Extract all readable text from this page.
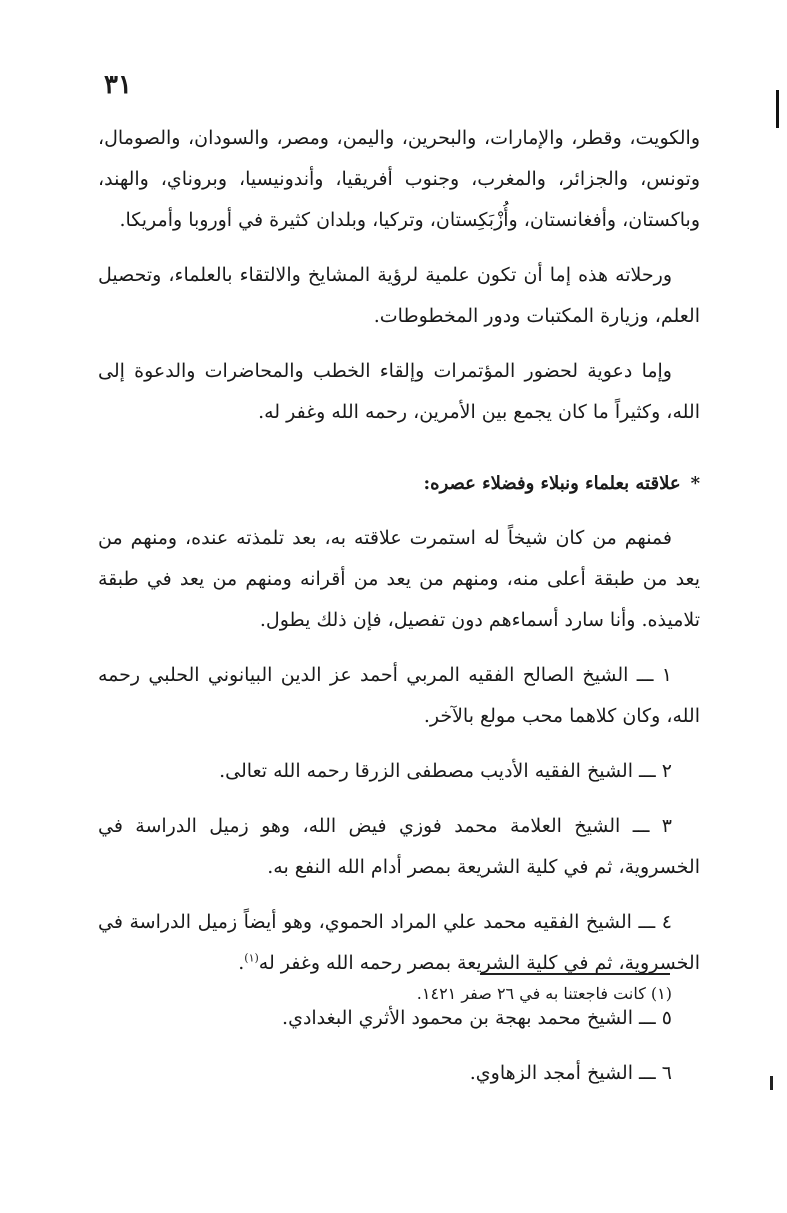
٣١

والكويت، وقطر، والإمارات، والبحرين، واليمن، ومصر، والسودان، والصومال، وتونس، والجزائر، والمغرب، وجنوب أفريقيا، وأندونيسيا، وبروناي، والهند، وباكستان، وأفغانستان، وأُزْبَكِستان، وتركيا، وبلدان كثيرة في أوروبا وأمريكا.

ورحلاته هذه إما أن تكون علمية لرؤية المشايخ والالتقاء بالعلماء، وتحصيل العلم، وزيارة المكتبات ودور المخطوطات.

وإما دعوية لحضور المؤتمرات وإلقاء الخطب والمحاضرات والدعوة إلى الله، وكثيراً ما كان يجمع بين الأمرين، رحمه الله وغفر له.

*علاقته بعلماء ونبلاء وفضلاء عصره:

فمنهم من كان شيخاً له استمرت علاقته به، بعد تلمذته عنده، ومنهم من يعد من طبقة أعلى منه، ومنهم من يعد من أقرانه ومنهم من يعد في طبقة تلاميذه. وأنا سارد أسماءهم دون تفصيل، فإن ذلك يطول.

١ ـــ الشيخ الصالح الفقيه المربي أحمد عز الدين البيانوني الحلبي رحمه الله، وكان كلاهما محب مولع بالآخر.

٢ ـــ الشيخ الفقيه الأديب مصطفى الزرقا رحمه الله تعالى.

٣ ـــ الشيخ العلامة محمد فوزي فيض الله، وهو زميل الدراسة في الخسروية، ثم في كلية الشريعة بمصر أدام الله النفع به.

٤ ـــ الشيخ الفقيه محمد علي المراد الحموي، وهو أيضاً زميل الدراسة في الخسروية، ثم في كلية الشريعة بمصر رحمه الله وغفر له$^{(١)}$.

٥ ـــ الشيخ محمد بهجة بن محمود الأثري البغدادي.

٦ ـــ الشيخ أمجد الزهاوي.

(١) كانت فاجعتنا به في ٢٦ صفر ١٤٢١.
